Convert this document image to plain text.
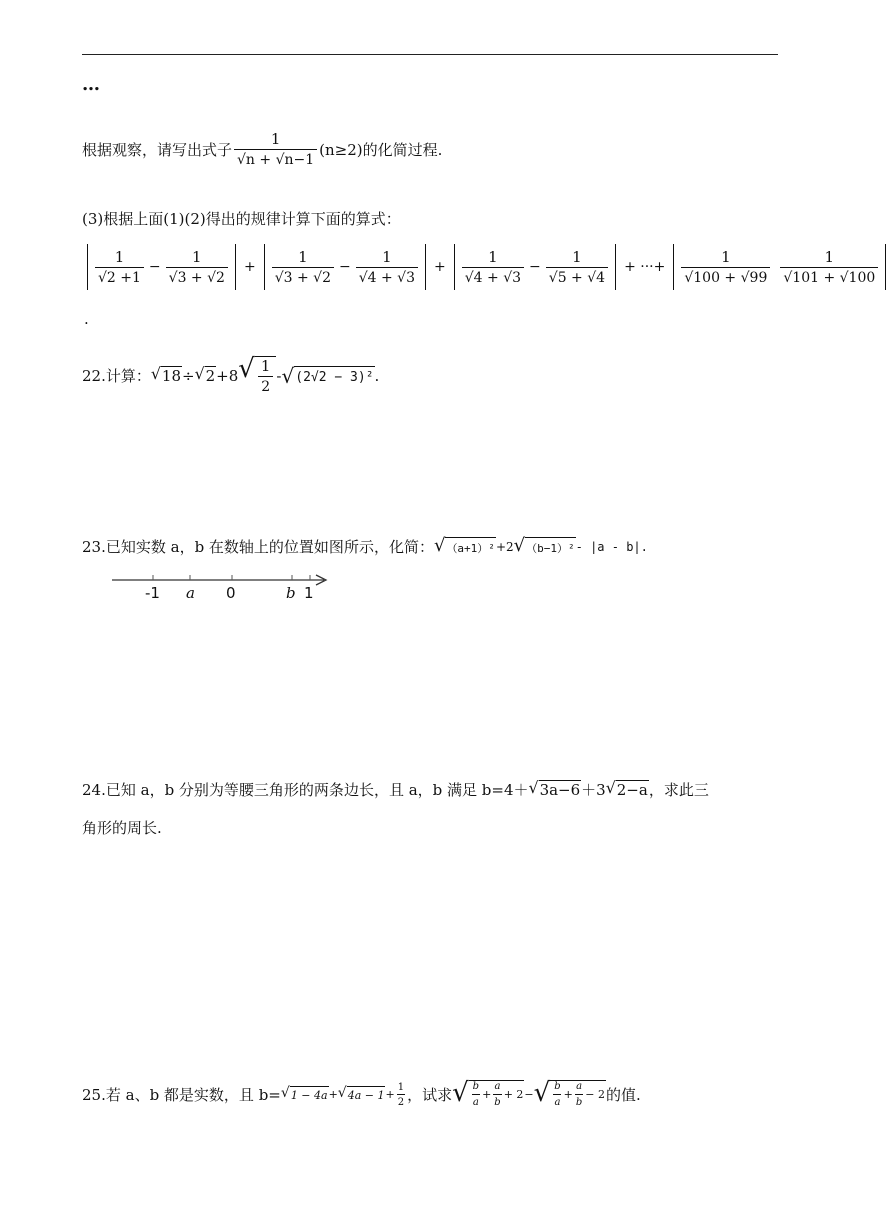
…
根据观察，请写出式子 $\frac{1}{√n + √n-1} (n\ge 2)$的化简过程.
(3)根据上面(1)(2)得出的规律计算下面的算式：
$\frac{1}{√2 +1} - \frac{1}{√3 + √2} + \frac{1}{√3 + √2} - \frac{1}{√4 + √3} + \frac{1}{√4 + √3} - \frac{1}{√5 + √4}$ + ···+ $\frac{1}{√100 + √99} \frac{1}{√101 + √100}$
.
22.计算： √ 18 ÷ √ 2 +8 √ $\frac{1}{2}$ - √ (2√2 − 3)² .
23.已知实数 a，b 在数轴上的位置如图所示，化简： √ （a+1）² +2 √ （b−1）² - |a - b|.
-1 a 0	b 1
24.已知 a，b 分别为等腰三角形的两条边长，且 a，b 满足 b=4＋ √ 3a−6 ＋3 √ 2−a ，求此三
角形的周长.
25.若 a、b 都是实数，且 b= √ 1 − 4a + √ $4a - 1 + \frac{1}{2}$ ，试求 √ $\frac{b}{a} + \frac{a}{b} + 2$ − √ $\frac{b}{a} + \frac{a}{b} - 2$ 的值.
